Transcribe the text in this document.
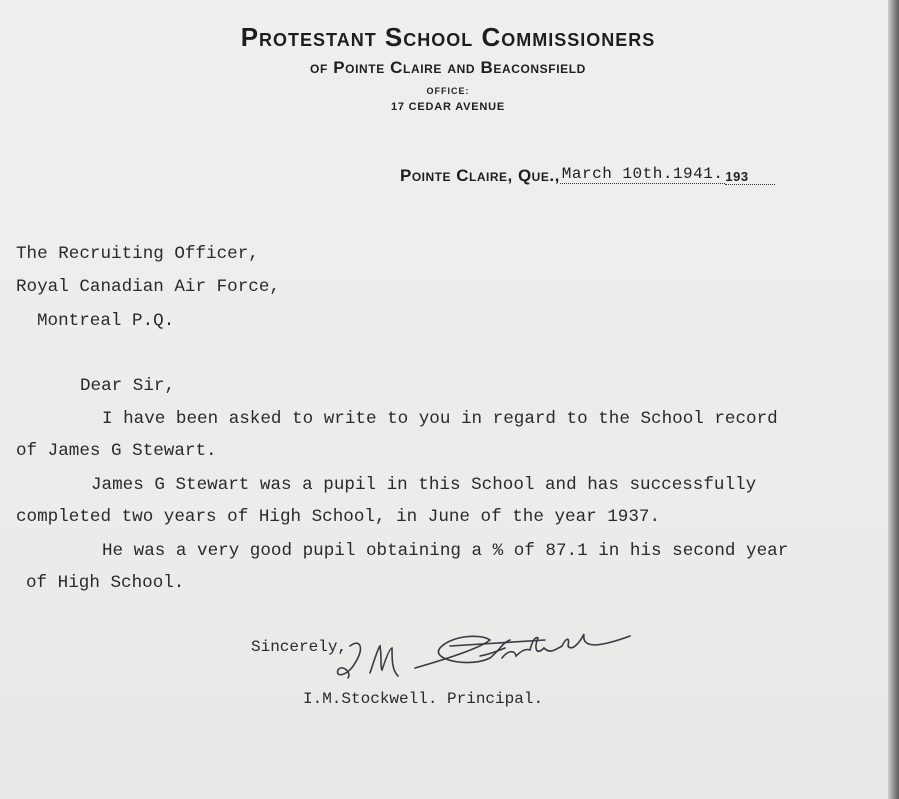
Protestant School Commissioners
of Pointe Claire and Beaconsfield
OFFICE:
17 CEDAR AVENUE
Pointe Claire, Que., March 10th.1941. 193
The Recruiting Officer,
Royal Canadian Air Force,
Montreal P.Q.
Dear Sir,
I have been asked to write to you in regard to the School record
of James G Stewart.
James G Stewart was a pupil in this School and has successfully
completed two years of High School, in June of the year 1937.
He was a very good pupil obtaining a % of 87.1 in his second year
of High School.
Sincerely,
I.M.Stockwell. Principal.
